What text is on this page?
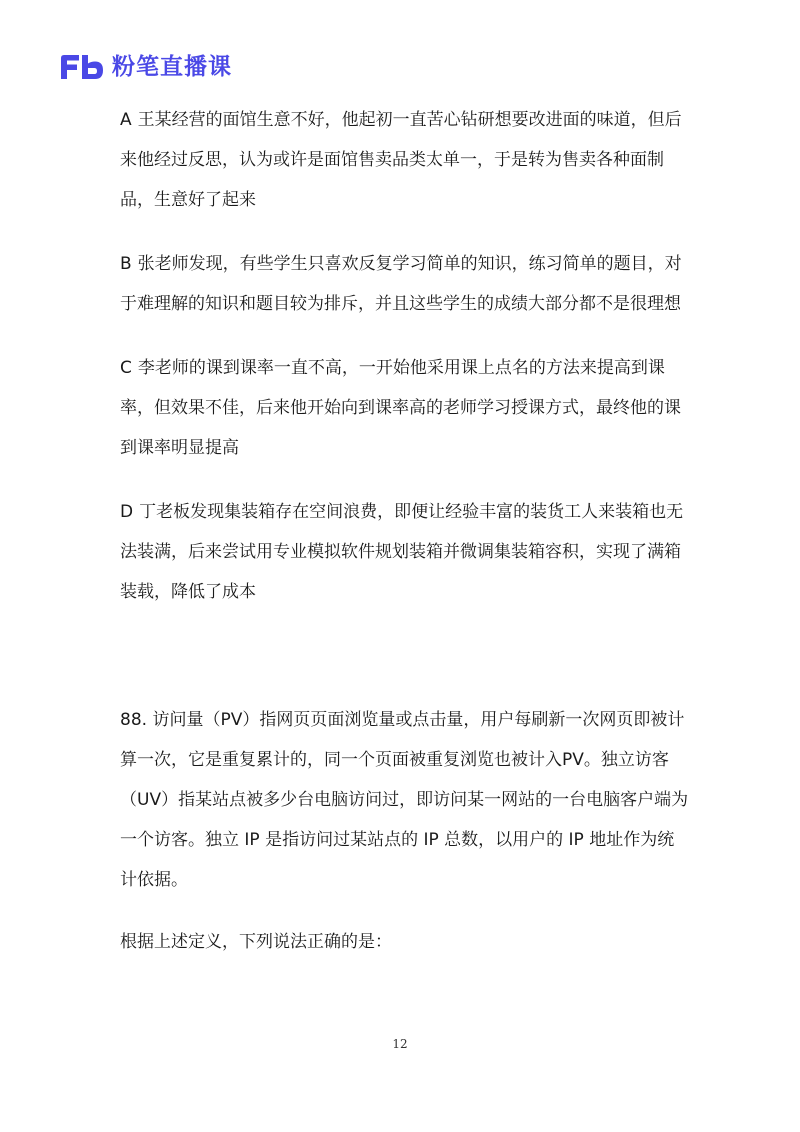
粉笔直播课

A 王某经营的面馆生意不好，他起初一直苦心钻研想要改进面的味道，但后来他经过反思，认为或许是面馆售卖品类太单一，于是转为售卖各种面制品，生意好了起来

B 张老师发现，有些学生只喜欢反复学习简单的知识，练习简单的题目，对于难理解的知识和题目较为排斥，并且这些学生的成绩大部分都不是很理想

C 李老师的课到课率一直不高，一开始他采用课上点名的方法来提高到课率，但效果不佳，后来他开始向到课率高的老师学习授课方式，最终他的课到课率明显提高

D 丁老板发现集装箱存在空间浪费，即便让经验丰富的装货工人来装箱也无法装满，后来尝试用专业模拟软件规划装箱并微调集装箱容积，实现了满箱装载，降低了成本

88. 访问量（PV）指网页页面浏览量或点击量，用户每刷新一次网页即被计算一次，它是重复累计的，同一个页面被重复浏览也被计入PV。独立访客（UV）指某站点被多少台电脑访问过，即访问某一网站的一台电脑客户端为一个访客。独立 IP 是指访问过某站点的 IP 总数，以用户的 IP 地址作为统计依据。

根据上述定义，下列说法正确的是：

12
